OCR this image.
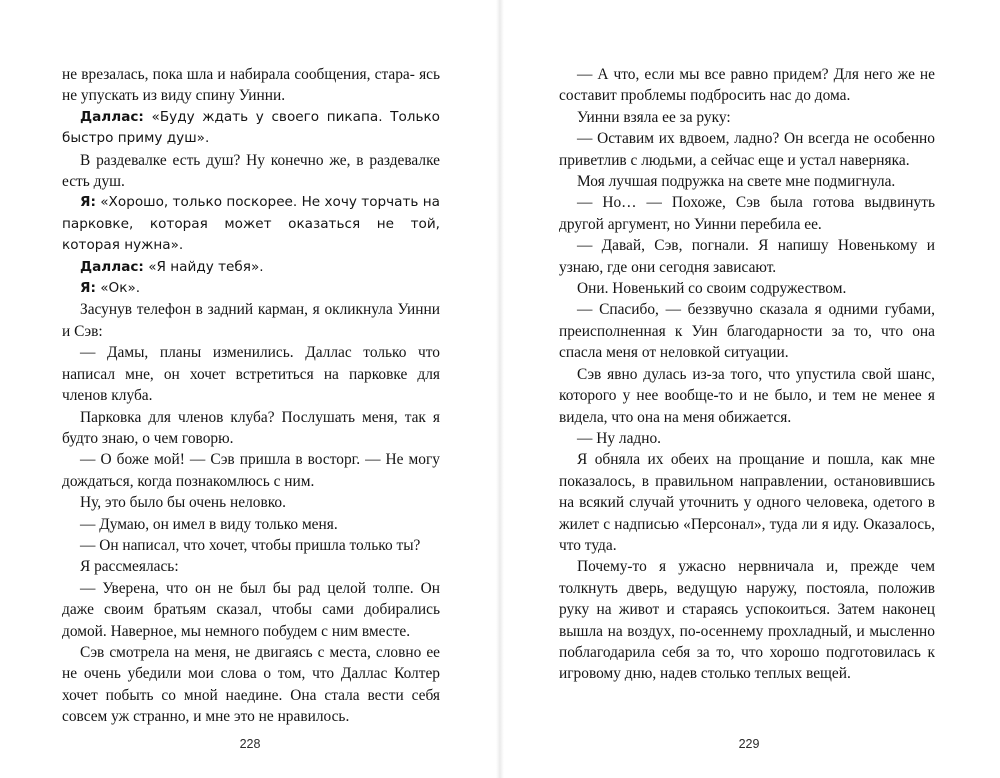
не врезалась, пока шла и набирала сообщения, стара- ясь не упускать из виду спину Уинни.

Даллас: «Буду ждать у своего пикапа. Только быстро приму душ».

В раздевалке есть душ? Ну конечно же, в раздевалке есть душ.

Я: «Хорошо, только поскорее. Не хочу торчать на парковке, которая может оказаться не той, которая нужна».

Даллас: «Я найду тебя».

Я: «Ок».

Засунув телефон в задний карман, я окликнула Уинни и Сэв:

— Дамы, планы изменились. Даллас только что написал мне, он хочет встретиться на парковке для членов клуба.

Парковка для членов клуба? Послушать меня, так я будто знаю, о чем говорю.

— О боже мой! — Сэв пришла в восторг. — Не могу дождаться, когда познакомлюсь с ним.

Ну, это было бы очень неловко.

— Думаю, он имел в виду только меня.

— Он написал, что хочет, чтобы пришла только ты?

Я рассмеялась:

— Уверена, что он не был бы рад целой толпе. Он даже своим братьям сказал, чтобы сами добирались домой. Наверное, мы немного побудем с ним вместе.

Сэв смотрела на меня, не двигаясь с места, словно ее не очень убедили мои слова о том, что Даллас Колтер хочет побыть со мной наедине. Она стала вести себя совсем уж странно, и мне это не нравилось.

228

— А что, если мы все равно придем? Для него же не составит проблемы подбросить нас до дома.

Уинни взяла ее за руку:

— Оставим их вдвоем, ладно? Он всегда не особенно приветлив с людьми, а сейчас еще и устал наверняка.

Моя лучшая подружка на свете мне подмигнула.

— Но… — Похоже, Сэв была готова выдвинуть другой аргумент, но Уинни перебила ее.

— Давай, Сэв, погнали. Я напишу Новенькому и узнаю, где они сегодня зависают.

Они. Новенький со своим содружеством.

— Спасибо, — беззвучно сказала я одними губами, преисполненная к Уин благодарности за то, что она спасла меня от неловкой ситуации.

Сэв явно дулась из-за того, что упустила свой шанс, которого у нее вообще-то и не было, и тем не менее я видела, что она на меня обижается.

— Ну ладно.

Я обняла их обеих на прощание и пошла, как мне показалось, в правильном направлении, остановившись на всякий случай уточнить у одного человека, одетого в жилет с надписью «Персонал», туда ли я иду. Оказалось, что туда.

Почему-то я ужасно нервничала и, прежде чем толкнуть дверь, ведущую наружу, постояла, положив руку на живот и стараясь успокоиться. Затем наконец вышла на воздух, по-осеннему прохладный, и мысленно поблагодарила себя за то, что хорошо подготовилась к игровому дню, надев столько теплых вещей.

229
